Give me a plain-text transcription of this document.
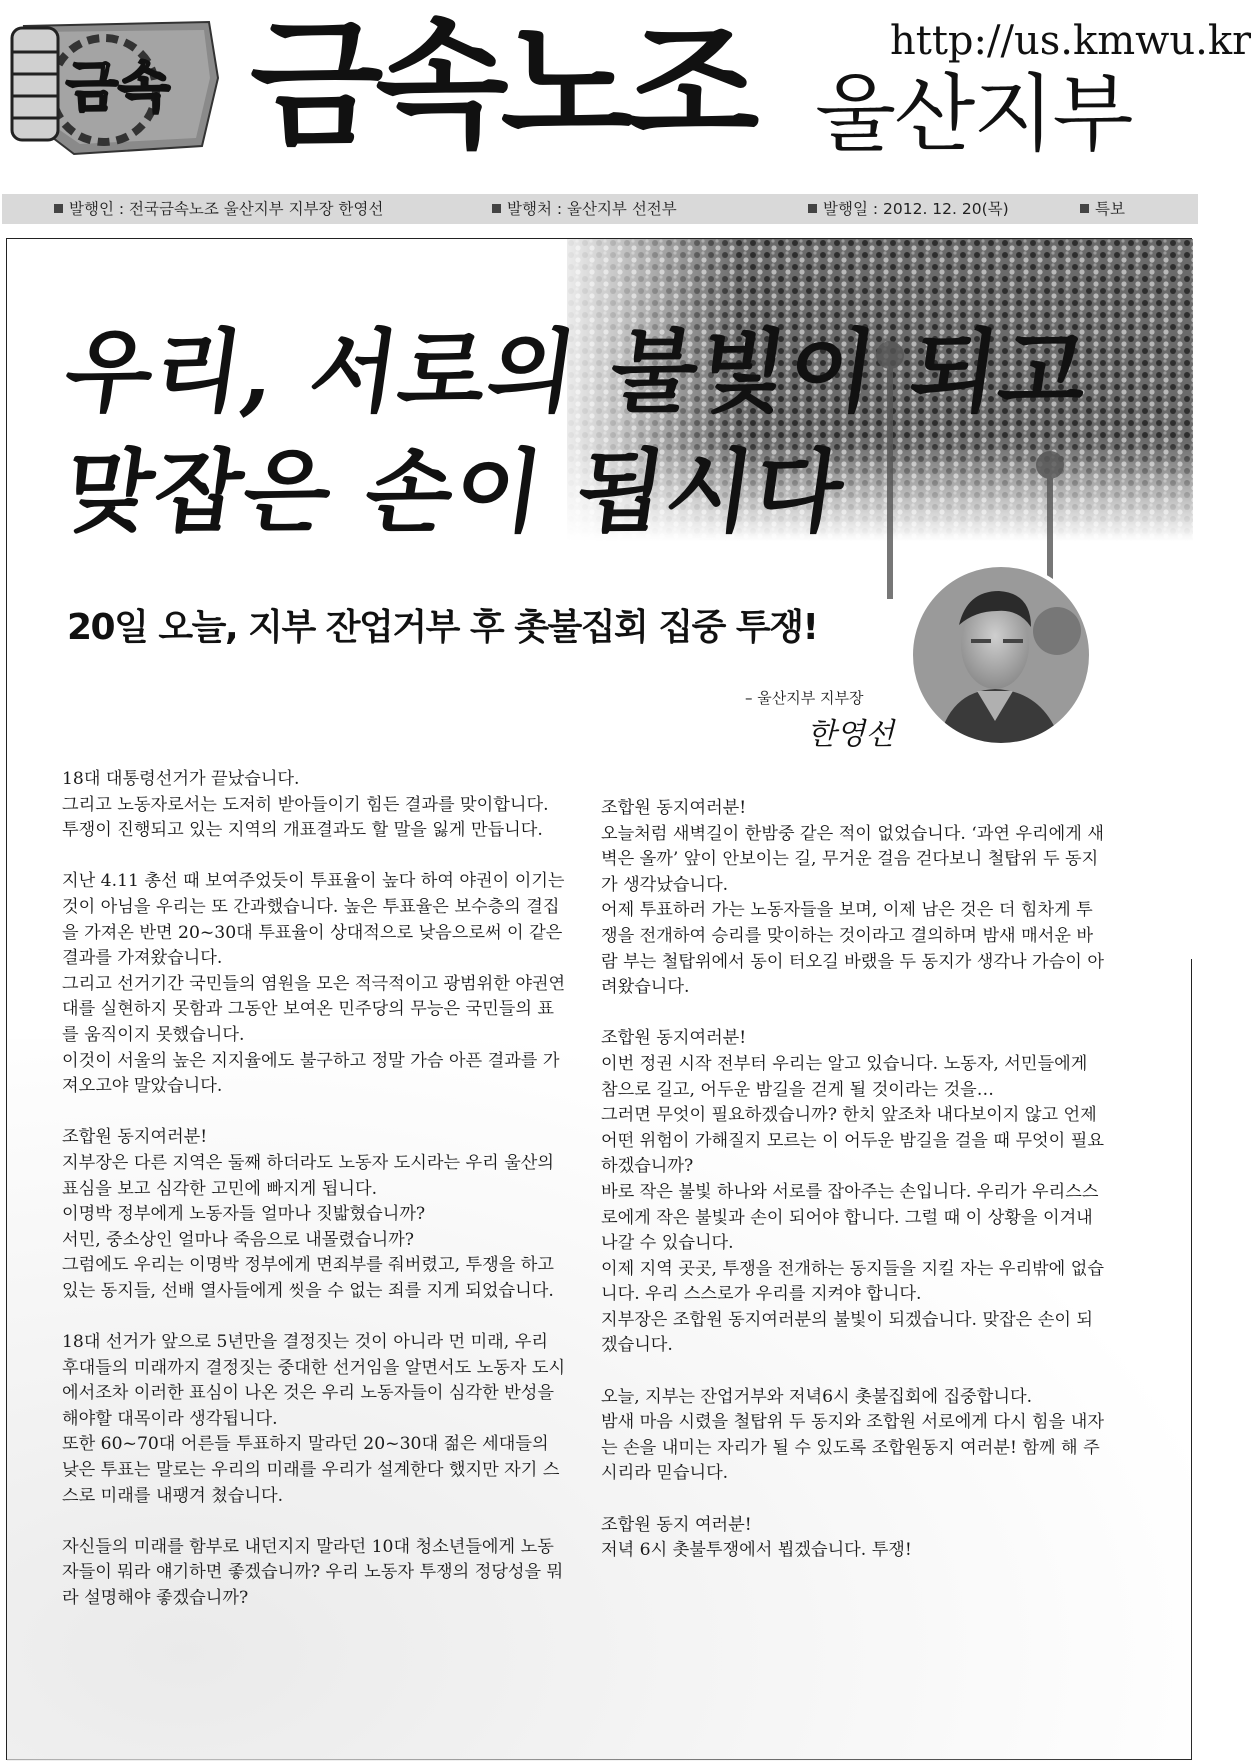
금속 금속노조 울산지부
http://us.kmwu.kr
발행인 : 전국금속노조 울산지부 지부장 한영선	발행처 : 울산지부 선전부	발행일 : 2012. 12. 20(목)	특보
우리, 서로의 불빛이 되고
맞잡은 손이 됩시다
20일 오늘, 지부 잔업거부 후 촛불집회 집중 투쟁!
– 울산지부 지부장
한영선

18대 대통령선거가 끝났습니다.
그리고 노동자로서는 도저히 받아들이기 힘든 결과를 맞이합니다.
투쟁이 진행되고 있는 지역의 개표결과도 할 말을 잃게 만듭니다.

지난 4.11 총선 때 보여주었듯이 투표율이 높다 하여 야권이 이기는 것이 아님을 우리는 또 간과했습니다. 높은 투표율은 보수층의 결집을 가져온 반면 20~30대 투표율이 상대적으로 낮음으로써 이 같은 결과를 가져왔습니다.
그리고 선거기간 국민들의 염원을 모은 적극적이고 광범위한 야권연대를 실현하지 못함과 그동안 보여온 민주당의 무능은 국민들의 표를 움직이지 못했습니다.
이것이 서울의 높은 지지율에도 불구하고 정말 가슴 아픈 결과를 가져오고야 말았습니다.

조합원 동지여러분!
지부장은 다른 지역은 둘째 하더라도 노동자 도시라는 우리 울산의 표심을 보고 심각한 고민에 빠지게 됩니다.
이명박 정부에게 노동자들 얼마나 짓밟혔습니까?
서민, 중소상인 얼마나 죽음으로 내몰렸습니까?
그럼에도 우리는 이명박 정부에게 면죄부를 줘버렸고, 투쟁을 하고 있는 동지들, 선배 열사들에게 씻을 수 없는 죄를 지게 되었습니다.

18대 선거가 앞으로 5년만을 결정짓는 것이 아니라 먼 미래, 우리 후대들의 미래까지 결정짓는 중대한 선거임을 알면서도 노동자 도시에서조차 이러한 표심이 나온 것은 우리 노동자들이 심각한 반성을 해야할 대목이라 생각됩니다.
또한 60~70대 어른들 투표하지 말라던 20~30대 젊은 세대들의 낮은 투표는 말로는 우리의 미래를 우리가 설계한다 했지만 자기 스스로 미래를 내팽겨 쳤습니다.

자신들의 미래를 함부로 내던지지 말라던 10대 청소년들에게 노동자들이 뭐라 얘기하면 좋겠습니까? 우리 노동자 투쟁의 정당성을 뭐라 설명해야 좋겠습니까?

조합원 동지여러분!
오늘처럼 새벽길이 한밤중 같은 적이 없었습니다. ‘과연 우리에게 새벽은 올까’ 앞이 안보이는 길, 무거운 걸음 걷다보니 철탑위 두 동지가 생각났습니다.
어제 투표하러 가는 노동자들을 보며, 이제 남은 것은 더 힘차게 투쟁을 전개하여 승리를 맞이하는 것이라고 결의하며 밤새 매서운 바람 부는 철탑위에서 동이 터오길 바랬을 두 동지가 생각나 가슴이 아려왔습니다.

조합원 동지여러분!
이번 정권 시작 전부터 우리는 알고 있습니다. 노동자, 서민들에게 참으로 길고, 어두운 밤길을 걷게 될 것이라는 것을…
그러면 무엇이 필요하겠습니까? 한치 앞조차 내다보이지 않고 언제 어떤 위험이 가해질지 모르는 이 어두운 밤길을 걸을 때 무엇이 필요하겠습니까?
바로 작은 불빛 하나와 서로를 잡아주는 손입니다. 우리가 우리스스로에게 작은 불빛과 손이 되어야 합니다. 그럴 때 이 상황을 이겨내 나갈 수 있습니다.
이제 지역 곳곳, 투쟁을 전개하는 동지들을 지킬 자는 우리밖에 없습니다. 우리 스스로가 우리를 지켜야 합니다.
지부장은 조합원 동지여러분의 불빛이 되겠습니다. 맞잡은 손이 되겠습니다.

오늘, 지부는 잔업거부와 저녁6시 촛불집회에 집중합니다.
밤새 마음 시렸을 철탑위 두 동지와 조합원 서로에게 다시 힘을 내자는 손을 내미는 자리가 될 수 있도록 조합원동지 여러분! 함께 해 주시리라 믿습니다.

조합원 동지 여러분!
저녁 6시 촛불투쟁에서 뵙겠습니다. 투쟁!
